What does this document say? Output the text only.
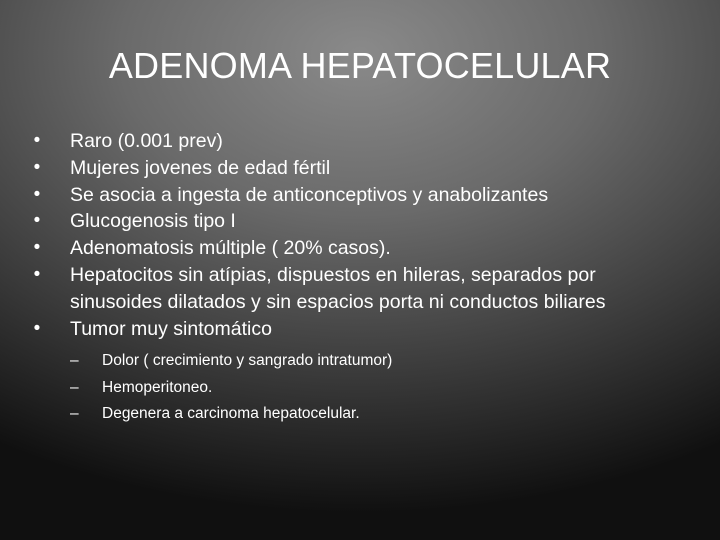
ADENOMA HEPATOCELULAR
• Raro (0.001 prev)
• Mujeres jovenes de edad fértil
• Se asocia a ingesta de anticonceptivos y anabolizantes
• Glucogenosis tipo I
• Adenomatosis múltiple ( 20% casos).
• Hepatocitos sin atípias, dispuestos en hileras, separados por sinusoides dilatados y sin espacios porta ni conductos biliares
• Tumor muy sintomático
– Dolor ( crecimiento y sangrado intratumor)
– Hemoperitoneo.
– Degenera a carcinoma hepatocelular.
